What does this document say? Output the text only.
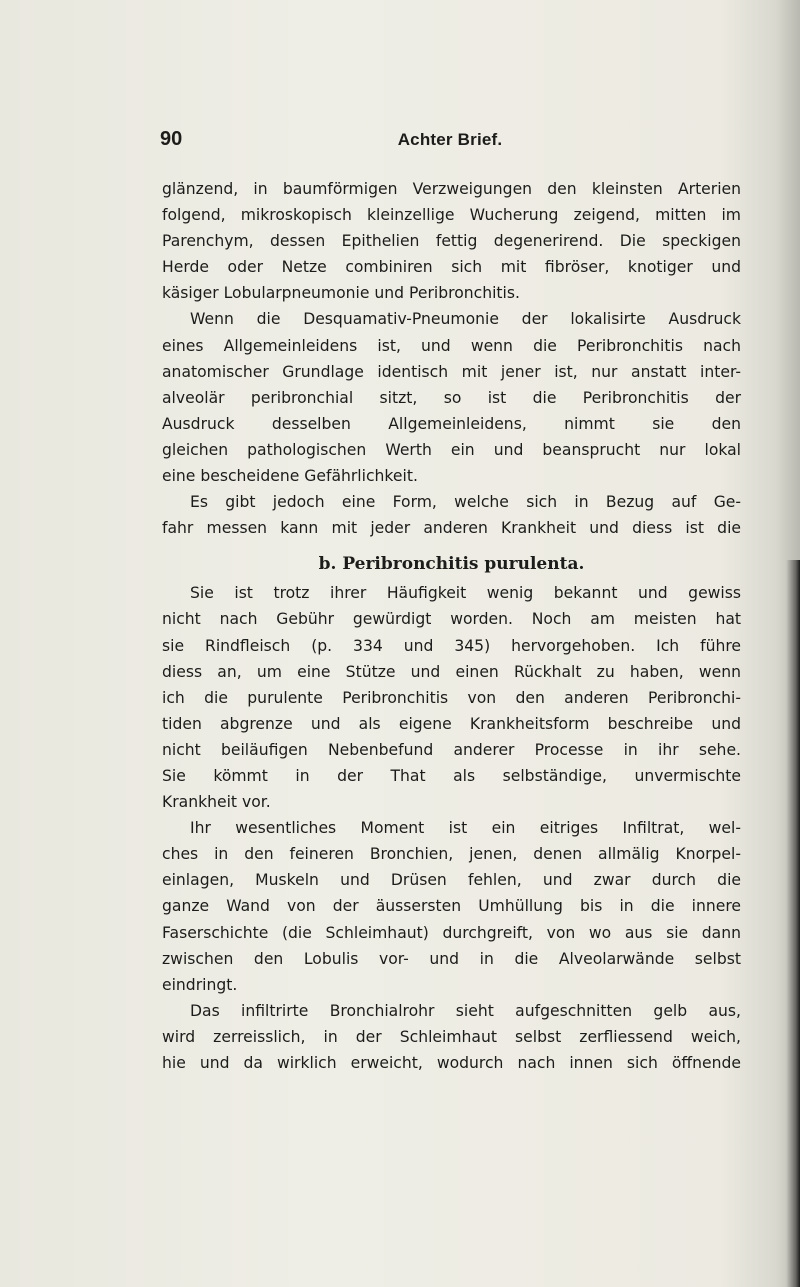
90	Achter Brief.
glänzend, in baumförmigen Verzweigungen den kleinsten Arterien
folgend, mikroskopisch kleinzellige Wucherung zeigend, mitten im
Parenchym, dessen Epithelien fettig degenerirend. Die speckigen
Herde oder Netze combiniren sich mit fibröser, knotiger und
käsiger Lobularpneumonie und Peribronchitis.
Wenn die Desquamativ-Pneumonie der lokalisirte Ausdruck
eines Allgemeinleidens ist, und wenn die Peribronchitis nach
anatomischer Grundlage identisch mit jener ist, nur anstatt inter-
alveolär peribronchial sitzt, so ist die Peribronchitis der
Ausdruck desselben Allgemeinleidens, nimmt sie den
gleichen pathologischen Werth ein und beansprucht nur lokal
eine bescheidene Gefährlichkeit.
Es gibt jedoch eine Form, welche sich in Bezug auf Ge-
fahr messen kann mit jeder anderen Krankheit und diess ist die
b. Peribronchitis purulenta.
Sie ist trotz ihrer Häufigkeit wenig bekannt und gewiss
nicht nach Gebühr gewürdigt worden. Noch am meisten hat
sie Rindfleisch (p. 334 und 345) hervorgehoben. Ich führe
diess an, um eine Stütze und einen Rückhalt zu haben, wenn
ich die purulente Peribronchitis von den anderen Peribronchi-
tiden abgrenze und als eigene Krankheitsform beschreibe und
nicht beiläufigen Nebenbefund anderer Processe in ihr sehe.
Sie kömmt in der That als selbständige, unvermischte
Krankheit vor.
Ihr wesentliches Moment ist ein eitriges Infiltrat, wel-
ches in den feineren Bronchien, jenen, denen allmälig Knorpel-
einlagen, Muskeln und Drüsen fehlen, und zwar durch die
ganze Wand von der äussersten Umhüllung bis in die innere
Faserschichte (die Schleimhaut) durchgreift, von wo aus sie dann
zwischen den Lobulis vor- und in die Alveolarwände selbst
eindringt.
Das infiltrirte Bronchialrohr sieht aufgeschnitten gelb aus,
wird zerreisslich, in der Schleimhaut selbst zerfliessend weich,
hie und da wirklich erweicht, wodurch nach innen sich öffnende
